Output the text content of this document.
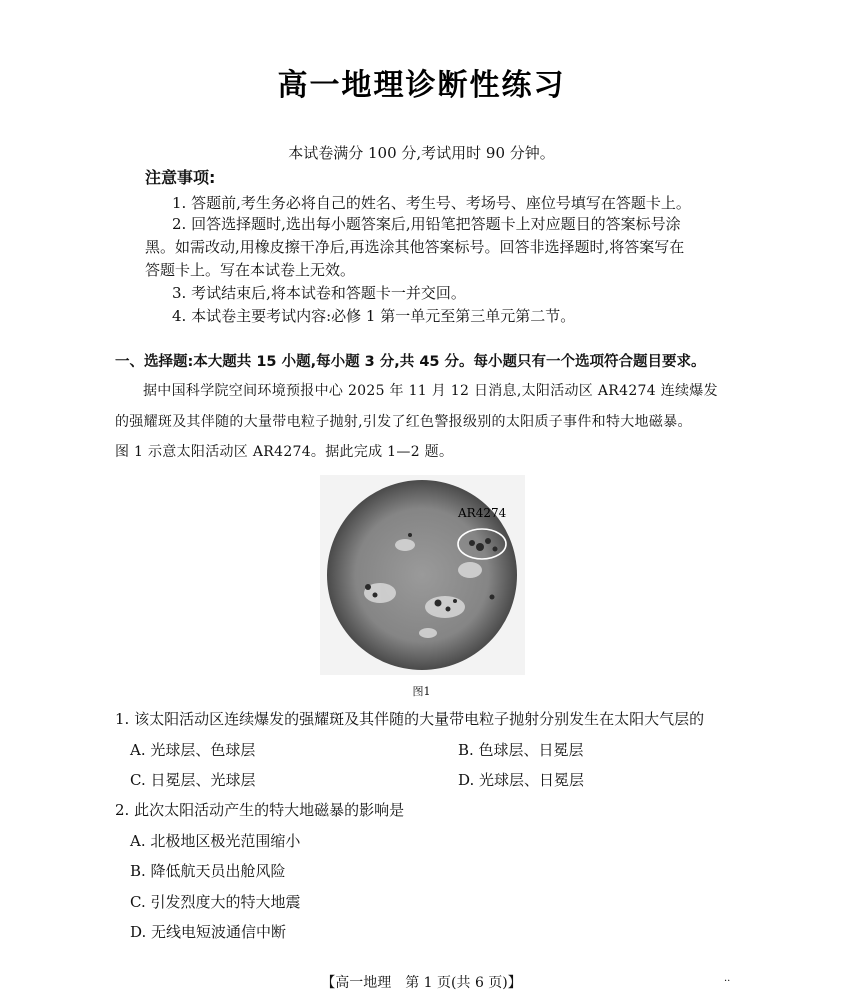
高一地理诊断性练习
本试卷满分 100 分,考试用时 90 分钟。
注意事项:
1. 答题前,考生务必将自己的姓名、考生号、考场号、座位号填写在答题卡上。
2. 回答选择题时,选出每小题答案后,用铅笔把答题卡上对应题目的答案标号涂
黑。如需改动,用橡皮擦干净后,再选涂其他答案标号。回答非选择题时,将答案写在
答题卡上。写在本试卷上无效。
3. 考试结束后,将本试卷和答题卡一并交回。
4. 本试卷主要考试内容:必修 1 第一单元至第三单元第二节。
一、选择题:本大题共 15 小题,每小题 3 分,共 45 分。每小题只有一个选项符合题目要求。
据中国科学院空间环境预报中心 2025 年 11 月 12 日消息,太阳活动区 AR4274 连续爆发
的强耀斑及其伴随的大量带电粒子抛射,引发了红色警报级别的太阳质子事件和特大地磁暴。
图 1 示意太阳活动区 AR4274。据此完成 1—2 题。
AR4274
图1
1. 该太阳活动区连续爆发的强耀斑及其伴随的大量带电粒子抛射分别发生在太阳大气层的
A. 光球层、色球层	B. 色球层、日冕层
C. 日冕层、光球层	D. 光球层、日冕层
2. 此次太阳活动产生的特大地磁暴的影响是
A. 北极地区极光范围缩小
B. 降低航天员出舱风险
C. 引发烈度大的特大地震
D. 无线电短波通信中断
【高一地理　第 1 页(共 6 页)】	··
